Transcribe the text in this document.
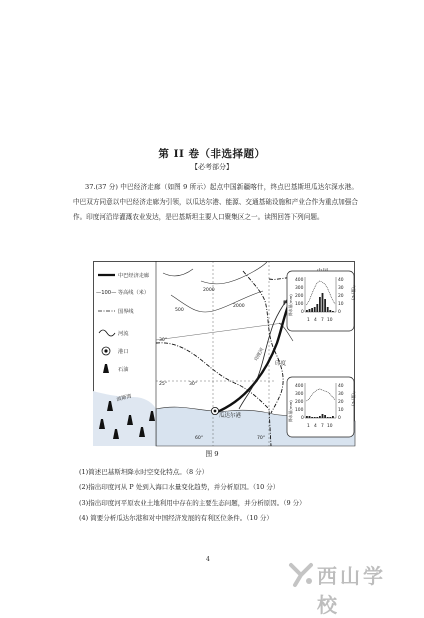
第 II 卷（非选择题）
【必考部分】
37.(37 分) 中巴经济走廊（如图 9 所示）起点中国新疆喀什，终点巴基斯坦瓜达尔深水港。中巴双方同意以中巴经济走廊为引领，以瓜达尔港、能源、交通基础设施和产业合作为重点加强合作。印度河沿岸灌溉农业发达，是巴基斯坦主要人口聚集区之一。读图回答下列问题。
中巴经济走廊
—100— 等高线（米）
国界线
河流
港口
石油
瓜达尔港
波斯湾
印度
印度河
P
2000
2000
500
30°
30°
25°
60°	70°
降水量(mm)
气温(℃)
400
300
200
100
0
40
30
20
10
0
1 4 7 10
降水量(mm)
气温(℃)
400
300
200
100
0
40
30
20
10
0
1 4 7 10
图 9
(1)简述巴基斯坦降水时空变化特点。（8 分）
(2)指出印度河从 P 处到入海口水量变化趋势，并分析原因。（10 分）
(3)指出印度河平原农业土地利用中存在的主要生态问题，并分析原因。（9 分）
(4) 简要分析瓜达尔港和对中国经济发展的有利区位条件。（10 分）
4
西山学校
